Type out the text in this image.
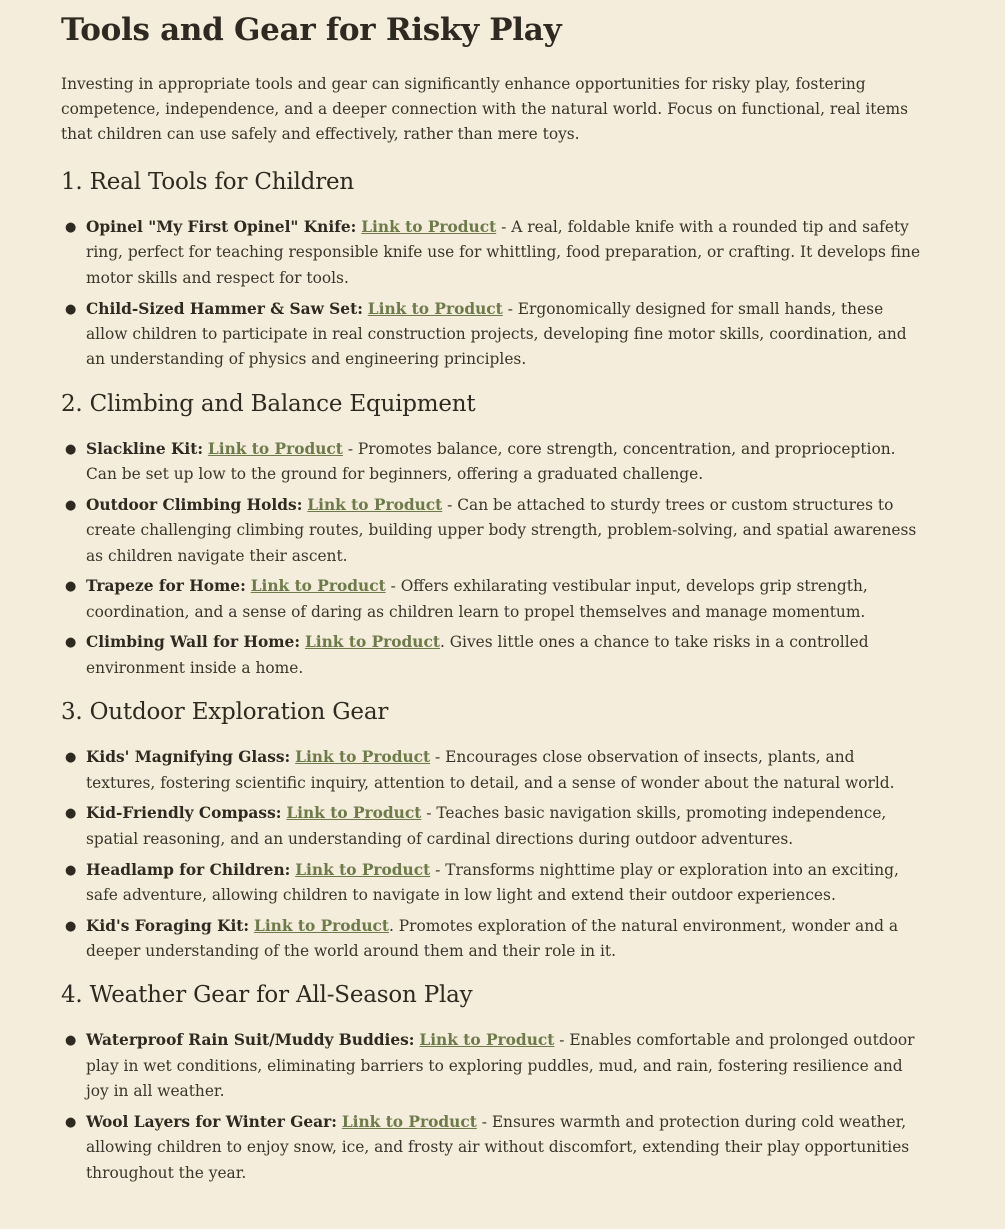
Tools and Gear for Risky Play

Investing in appropriate tools and gear can significantly enhance opportunities for risky play, fostering competence, independence, and a deeper connection with the natural world. Focus on functional, real items that children can use safely and effectively, rather than mere toys.

1. Real Tools for Children
● Opinel "My First Opinel" Knife: Link to Product - A real, foldable knife with a rounded tip and safety ring, perfect for teaching responsible knife use for whittling, food preparation, or crafting. It develops fine motor skills and respect for tools.
● Child-Sized Hammer & Saw Set: Link to Product - Ergonomically designed for small hands, these allow children to participate in real construction projects, developing fine motor skills, coordination, and an understanding of physics and engineering principles.
2. Climbing and Balance Equipment
● Slackline Kit: Link to Product - Promotes balance, core strength, concentration, and proprioception. Can be set up low to the ground for beginners, offering a graduated challenge.
● Outdoor Climbing Holds: Link to Product - Can be attached to sturdy trees or custom structures to create challenging climbing routes, building upper body strength, problem-solving, and spatial awareness as children navigate their ascent.
● Trapeze for Home: Link to Product - Offers exhilarating vestibular input, develops grip strength, coordination, and a sense of daring as children learn to propel themselves and manage momentum.
● Climbing Wall for Home: Link to Product. Gives little ones a chance to take risks in a controlled environment inside a home.
3. Outdoor Exploration Gear
● Kids' Magnifying Glass: Link to Product - Encourages close observation of insects, plants, and textures, fostering scientific inquiry, attention to detail, and a sense of wonder about the natural world.
● Kid-Friendly Compass: Link to Product - Teaches basic navigation skills, promoting independence, spatial reasoning, and an understanding of cardinal directions during outdoor adventures.
● Headlamp for Children: Link to Product - Transforms nighttime play or exploration into an exciting, safe adventure, allowing children to navigate in low light and extend their outdoor experiences.
● Kid's Foraging Kit: Link to Product. Promotes exploration of the natural environment, wonder and a deeper understanding of the world around them and their role in it.
4. Weather Gear for All-Season Play
● Waterproof Rain Suit/Muddy Buddies: Link to Product - Enables comfortable and prolonged outdoor play in wet conditions, eliminating barriers to exploring puddles, mud, and rain, fostering resilience and joy in all weather.
● Wool Layers for Winter Gear: Link to Product - Ensures warmth and protection during cold weather, allowing children to enjoy snow, ice, and frosty air without discomfort, extending their play opportunities throughout the year.
